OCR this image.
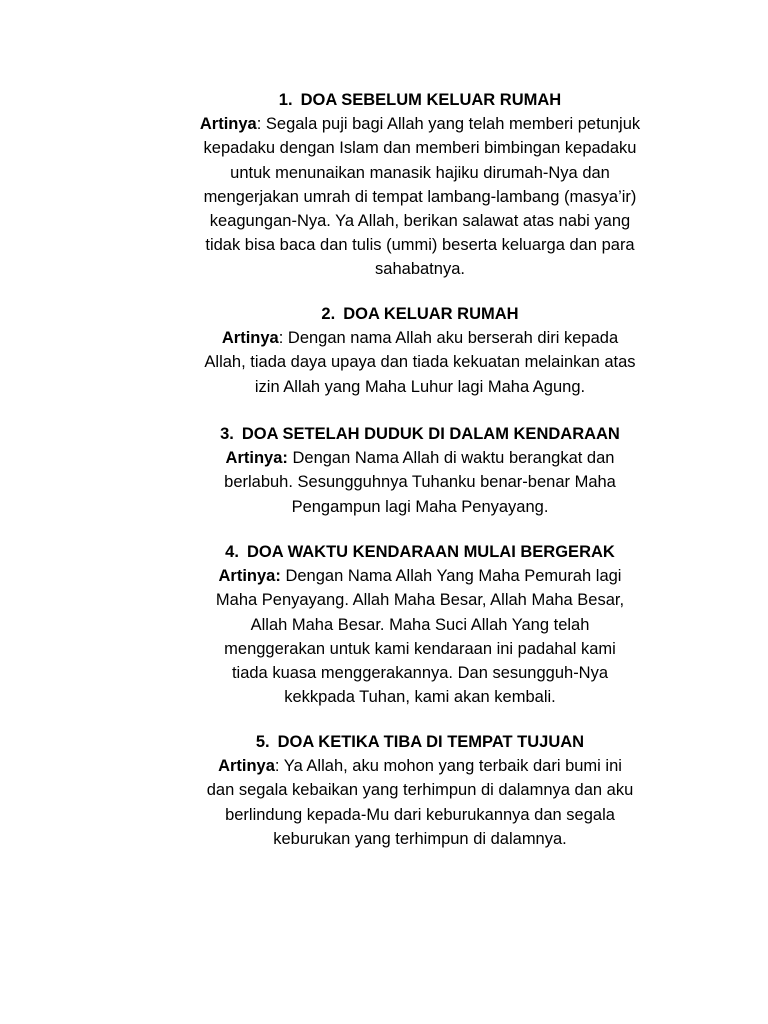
1. DOA SEBELUM KELUAR RUMAH
Artinya: Segala puji bagi Allah yang telah memberi petunjuk
kepadaku dengan Islam dan memberi bimbingan kepadaku
untuk menunaikan manasik hajiku dirumah-Nya dan
mengerjakan umrah di tempat lambang-lambang (masya’ir)
keagungan-Nya. Ya Allah, berikan salawat atas nabi yang
tidak bisa baca dan tulis (ummi) beserta keluarga dan para
sahabatnya.
2. DOA KELUAR RUMAH
Artinya: Dengan nama Allah aku berserah diri kepada
Allah, tiada daya upaya dan tiada kekuatan melainkan atas
izin Allah yang Maha Luhur lagi Maha Agung.
3. DOA SETELAH DUDUK DI DALAM KENDARAAN
Artinya: Dengan Nama Allah di waktu berangkat dan
berlabuh. Sesungguhnya Tuhanku benar-benar Maha
Pengampun lagi Maha Penyayang.
4. DOA WAKTU KENDARAAN MULAI BERGERAK
Artinya: Dengan Nama Allah Yang Maha Pemurah lagi
Maha Penyayang. Allah Maha Besar, Allah Maha Besar,
Allah Maha Besar. Maha Suci Allah Yang telah
menggerakan untuk kami kendaraan ini padahal kami
tiada kuasa menggerakannya. Dan sesungguh-Nya
kekkpada Tuhan, kami akan kembali.
5. DOA KETIKA TIBA DI TEMPAT TUJUAN
Artinya: Ya Allah, aku mohon yang terbaik dari bumi ini
dan segala kebaikan yang terhimpun di dalamnya dan aku
berlindung kepada-Mu dari keburukannya dan segala
keburukan yang terhimpun di dalamnya.
